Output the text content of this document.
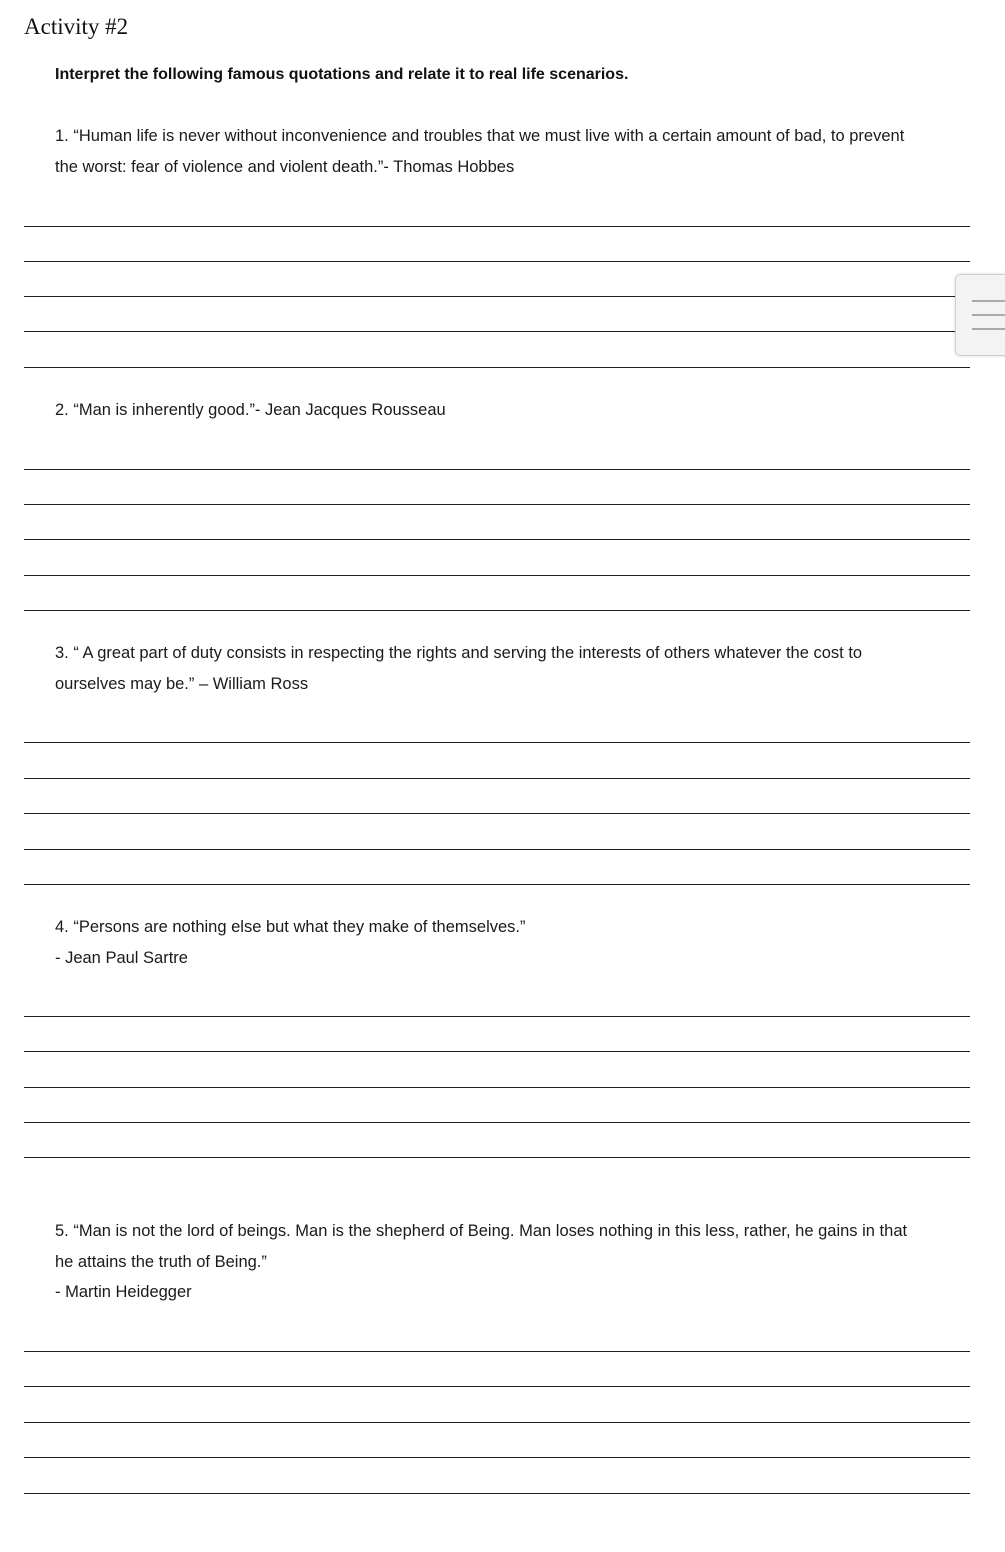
Activity #2
Interpret the following famous quotations and relate it to real life scenarios.
1. “Human life is never without inconvenience and troubles that we must live with a certain amount of bad, to prevent
the worst: fear of violence and violent death.”- Thomas Hobbes
2. “Man is inherently good.”- Jean Jacques Rousseau
3. “ A great part of duty consists in respecting the rights and serving the interests of others whatever the cost to
ourselves may be.” – William Ross
4. “Persons are nothing else but what they make of themselves.”
- Jean Paul Sartre
5. “Man is not the lord of beings. Man is the shepherd of Being. Man loses nothing in this less, rather, he gains in that
he attains the truth of Being.”
- Martin Heidegger
